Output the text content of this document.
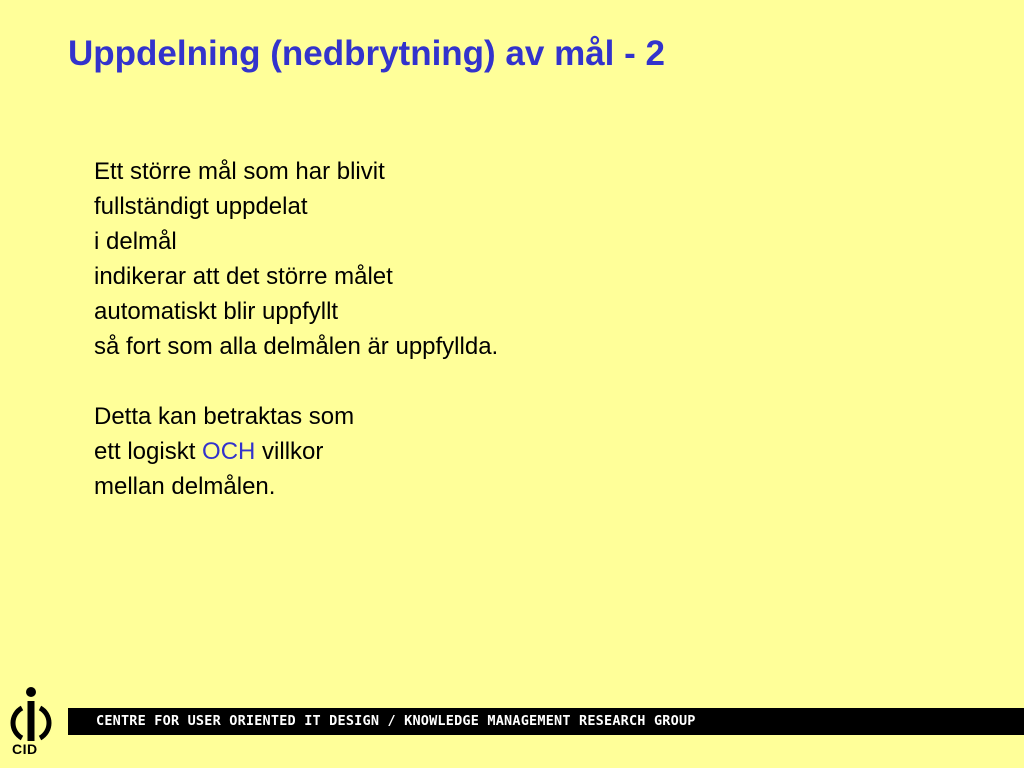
Uppdelning (nedbrytning) av mål - 2
Ett större mål som har blivit
fullständigt uppdelat
i delmål
indikerar att det större målet
automatiskt blir uppfyllt
så fort som alla delmålen är uppfyllda.
Detta kan betraktas som
ett logiskt OCH villkor
mellan delmålen.
CID
CENTRE FOR USER ORIENTED IT DESIGN / KNOWLEDGE MANAGEMENT RESEARCH GROUP
